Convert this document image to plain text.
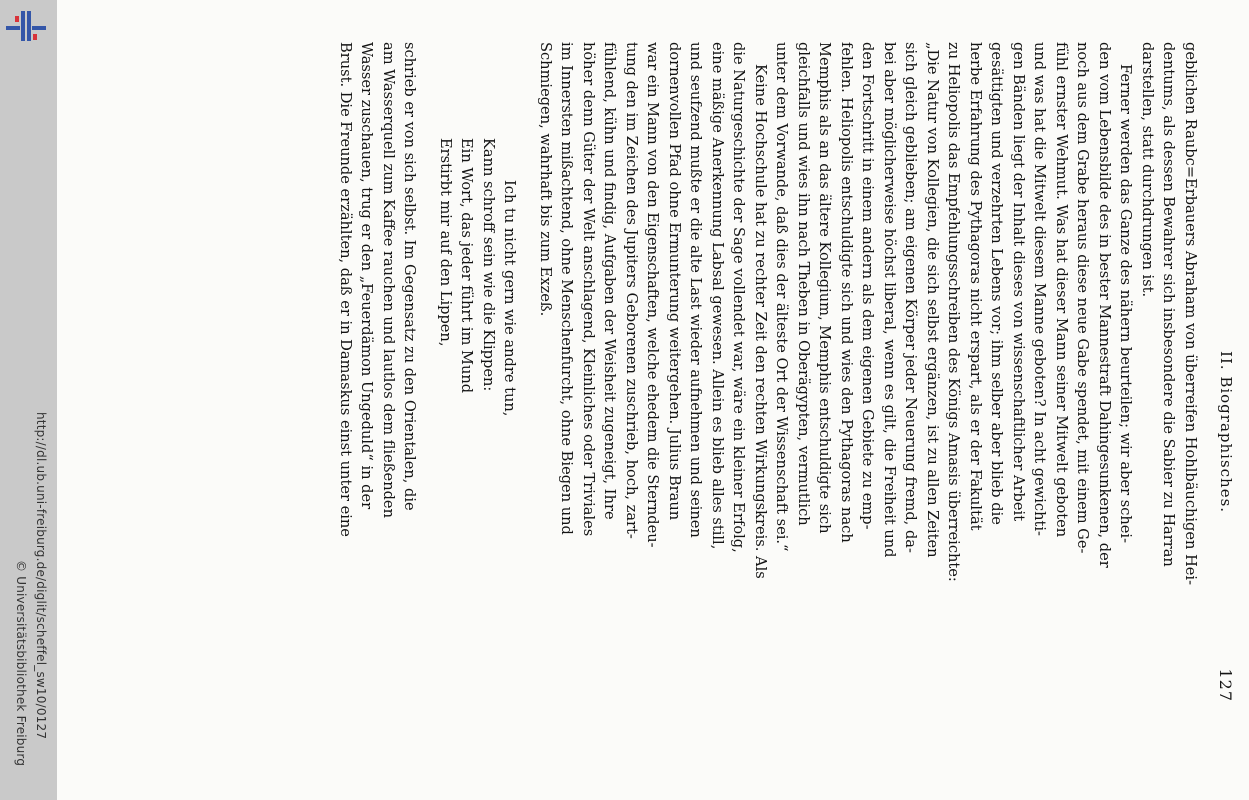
http://dl.ub.uni-freiburg.de/diglit/scheffel_sw10/0127
© Universitätsbibliothek Freiburg
II. Biographisches.
127

geblichen Raubc=Erbauers Abraham von überreifen Hohlbäuchigen Hei-
dentums, als dessen Bewahrer sich insbesondere die Sabier zu Harran
darstellen, statt durchdrungen ist.

Ferner werden das Ganze des nähern beurteilen; wir aber schei-
den vom Lebensbilde des in bester Mannestraft Dahingesunkenen, der
noch aus dem Grabe heraus diese neue Gabe spendet, mit einem Ge-
fühl ernster Wehmut. Was hat dieser Mann seiner Mitwelt geboten
und was hat die Mitwelt diesem Manne geboten? In acht gewichti-
gen Bänden liegt der Inhalt dieses von wissenschaftlicher Arbeit
gesättigten und verzehrten Lebens vor; ihm selber aber blieb die
herbe Erfahrung des Pythagoras nicht erspart, als er der Fakultät
zu Heliopolis das Empfehlungsschreiben des Königs Amasis überreichte:
„Die Natur von Kollegien, die sich selbst ergänzen, ist zu allen Zeiten
sich gleich geblieben; am eigenen Körper jeder Neuerung fremd, da-
bei aber möglicherweise höchst liberal, wenn es gilt, die Freiheit und
den Fortschritt in einem andern als dem eigenen Gebiete zu emp-
fehlen. Heliopolis entschuldigte sich und wies den Pythagoras nach
Memphis als an das ältere Kollegium, Memphis entschuldigte sich
gleichfalls und wies ihn nach Theben in Oberägypten, vermutlich
unter dem Vorwande, daß dies der älteste Ort der Wissenschaft sei.“

Keine Hochschule hat zu rechter Zeit den rechten Wirkungskreis. Als
die Naturgeschichte der Sage vollendet war, wäre ein kleiner Erfolg,
eine mäßige Anerkennung Labsal gewesen. Allein es blieb alles still,
und seufzend mußte er die alte Last wieder aufnehmen und seinen
dornenvollen Pfad ohne Ermunterung weitergehen. Julius Braun
war ein Mann von den Eigenschaften, welche ehedem die Sterndeu-
tung den im Zeichen des Jupiters Geborenen zuschrieb, hoch, zart-
fühlend, kühn und findig, Aufgaben der Weisheit zugeneigt, Ihre
höher denn Güter der Welt anschlagend, Kleinliches oder Triviales
im Innersten mißachtend, ohne Menschenfurcht, ohne Biegen und
Schmiegen, wahrhaft bis zum Exzeß.

Ich tu nicht gern wie andre tun,
Kann schroff sein wie die Klippen:
Ein Wort, das jeder führt im Mund
Erstirbt mir auf den Lippen,

schrieb er von sich selbst. Im Gegensatz zu den Orientalen, die
am Wasserquell zum Kaffee rauchen und lautlos dem fließenden
Wasser zuschauen, trug er den „Feuerdämon Ungeduld“ in der
Brust. Die Freunde erzählten, daß er in Damaskus einst unter eine
